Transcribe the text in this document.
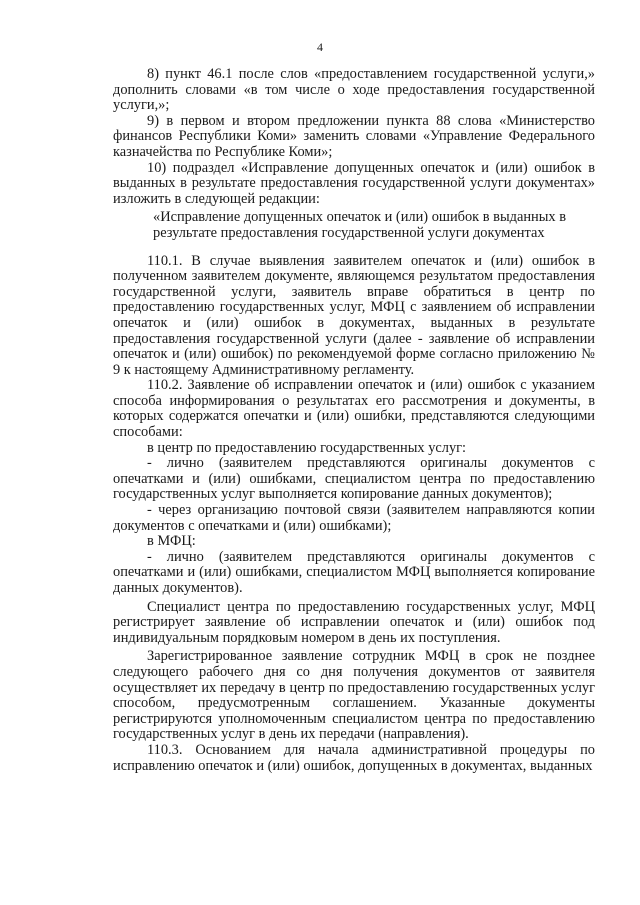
4

8) пункт 46.1 после слов «предоставлением государственной услуги,» дополнить словами «в том числе о ходе предоставления государственной услуги,»;

9) в первом и втором предложении пункта 88 слова «Министерство финансов Республики Коми» заменить словами «Управление Федерального казначейства по Республике Коми»;

10) подраздел «Исправление допущенных опечаток и (или) ошибок в выданных в результате предоставления государственной услуги документах» изложить в следующей редакции:

«Исправление допущенных опечаток и (или) ошибок в выданных в результате предоставления государственной услуги документах

110.1. В случае выявления заявителем опечаток и (или) ошибок в полученном заявителем документе, являющемся результатом предоставления государственной услуги, заявитель вправе обратиться в центр по предоставлению государственных услуг, МФЦ с заявлением об исправлении опечаток и (или) ошибок в документах, выданных в результате предоставления государственной услуги (далее - заявление об исправлении опечаток и (или) ошибок) по рекомендуемой форме согласно приложению № 9 к настоящему Административному регламенту.

110.2. Заявление об исправлении опечаток и (или) ошибок с указанием способа информирования о результатах его рассмотрения и документы, в которых содержатся опечатки и (или) ошибки, представляются следующими способами:

в центр по предоставлению государственных услуг:

- лично (заявителем представляются оригиналы документов с опечатками и (или) ошибками, специалистом центра по предоставлению государственных услуг выполняется копирование данных документов);

- через организацию почтовой связи (заявителем направляются копии документов с опечатками и (или) ошибками);

в МФЦ:

- лично (заявителем представляются оригиналы документов с опечатками и (или) ошибками, специалистом МФЦ выполняется копирование данных документов).

Специалист центра по предоставлению государственных услуг, МФЦ регистрирует заявление об исправлении опечаток и (или) ошибок под индивидуальным порядковым номером в день их поступления.

Зарегистрированное заявление сотрудник МФЦ в срок не позднее следующего рабочего дня со дня получения документов от заявителя осуществляет их передачу в центр по предоставлению государственных услуг способом, предусмотренным соглашением. Указанные документы регистрируются уполномоченным специалистом центра по предоставлению государственных услуг в день их передачи (направления).

110.3. Основанием для начала административной процедуры по исправлению опечаток и (или) ошибок, допущенных в документах, выданных
